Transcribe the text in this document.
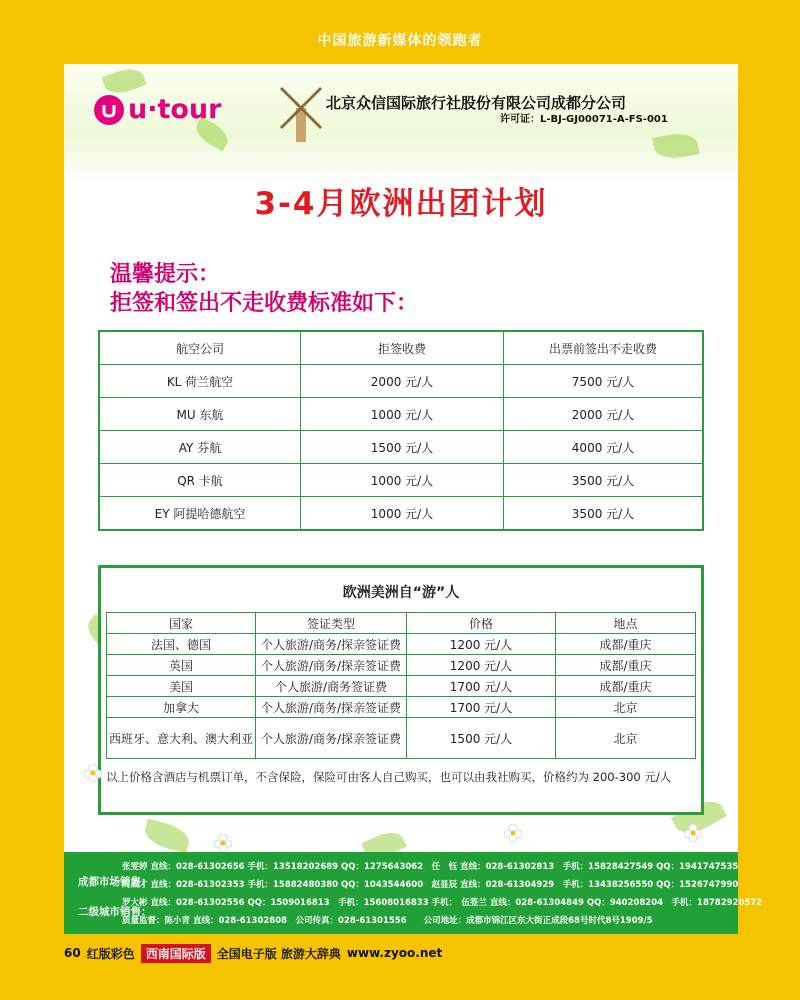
中国旅游新媒体的领跑者
u·tour	北京众信国际旅行社股份有限公司成都分公司
许可证：L-BJ-GJ00071-A-FS-001
3-4月欧洲出团计划
温馨提示：
拒签和签出不走收费标准如下：
航空公司	拒签收费	出票前签出不走收费
KL 荷兰航空	2000 元/人	7500 元/人
MU 东航	1000 元/人	2000 元/人
AY 芬航	1500 元/人	4000 元/人
QR 卡航	1000 元/人	3500 元/人
EY 阿提哈德航空	1000 元/人	3500 元/人
欧洲美洲自“游”人
国家	签证类型	价格	地点
法国、德国	个人旅游/商务/探亲签证费	1200 元/人	成都/重庆
英国	个人旅游/商务/探亲签证费	1200 元/人	成都/重庆
美国	个人旅游/商务签证费	1700 元/人	成都/重庆
加拿大	个人旅游/商务/探亲签证费	1700 元/人	北京
西班牙、意大利、澳大利亚	个人旅游/商务/探亲签证费	1500 元/人	北京
以上价格含酒店与机票订单，不含保险，保险可由客人自己购买，也可以由我社购买，价格约为 200-300 元/人
成都市场销售：
二级城市销售：
张雯婷 直线：028-61302656 手机：13518202689 QQ：1275643062　任　钰 直线：028-61302813　手机：15828427549 QQ：1941747535
周成才 直线：028-61302353 手机：15882480380 QQ：1043544600　赵显辰 直线：028-61304929　手机：13438256550 QQ：1526747990
罗大彬 直线：028-61302556 QQ：1509016813　手机：15608016833 手机：　伍签兰 直线：028-61304849 QQ：940208204　手机：18782920572
质量监督：陈小青 直线：028-61302808　公司传真：028-61301556　　公司地址：成都市锦江区东大街正成段68号时代8号1909/5
60 红版彩色 西南国际版 全国电子版 旅游大辞典 www.zyoo.net
